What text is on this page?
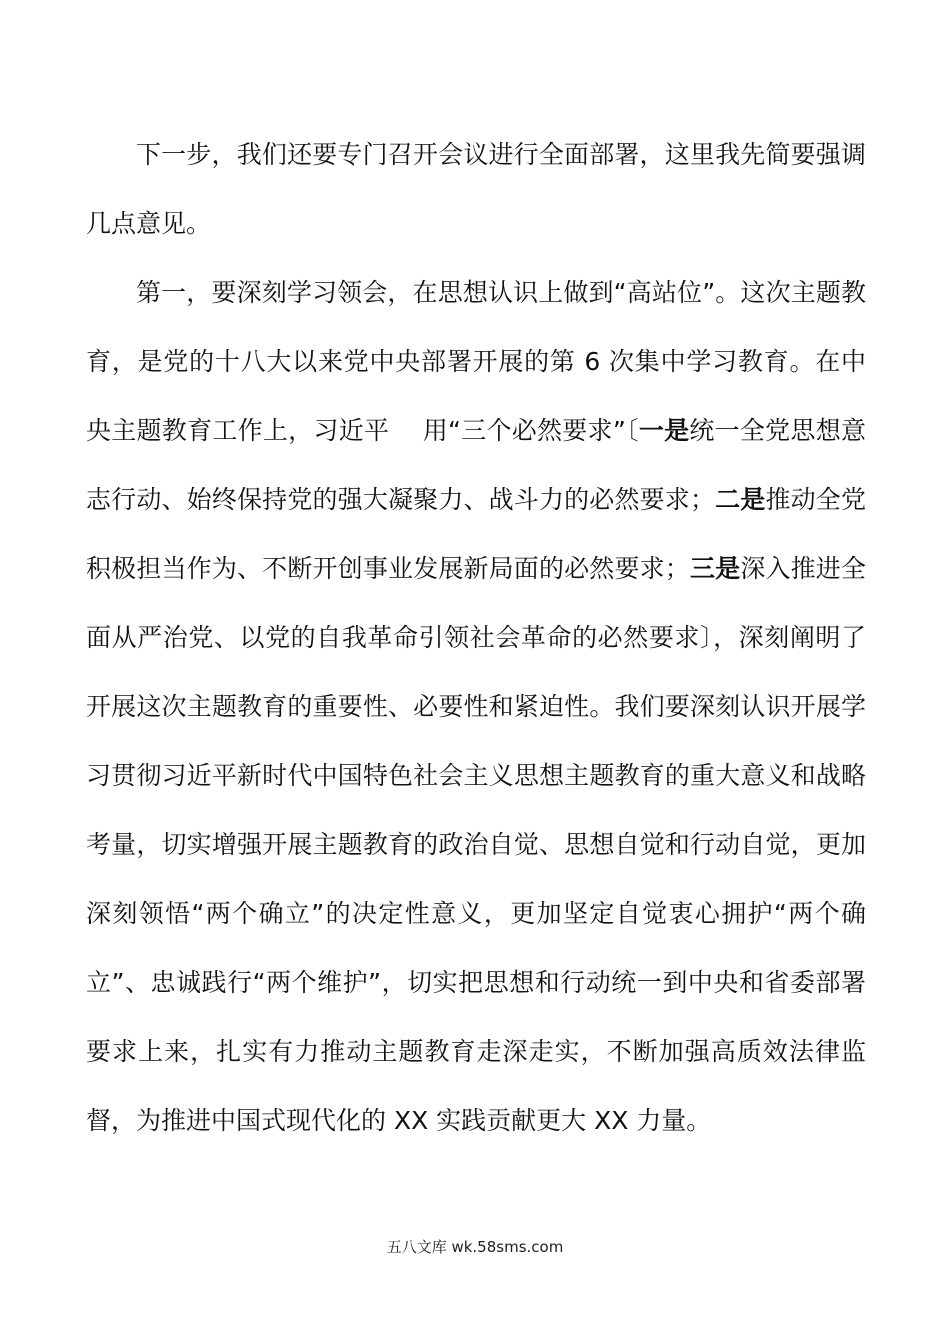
下一步，我们还要专门召开会议进行全面部署，这里我先简要强调几点意见。

第一，要深刻学习领会，在思想认识上做到“高站位”。这次主题教育，是党的十八大以来党中央部署开展的第 6 次集中学习教育。在中央主题教育工作上，习近平　 用“三个必然要求”〔一是统一全党思想意志行动、始终保持党的强大凝聚力、战斗力的必然要求；二是推动全党积极担当作为、不断开创事业发展新局面的必然要求；三是深入推进全面从严治党、以党的自我革命引领社会革命的必然要求〕，深刻阐明了开展这次主题教育的重要性、必要性和紧迫性。我们要深刻认识开展学习贯彻习近平新时代中国特色社会主义思想主题教育的重大意义和战略考量，切实增强开展主题教育的政治自觉、思想自觉和行动自觉，更加深刻领悟“两个确立”的决定性意义，更加坚定自觉衷心拥护“两个确立”、忠诚践行“两个维护”，切实把思想和行动统一到中央和省委部署要求上来，扎实有力推动主题教育走深走实，不断加强高质效法律监督，为推进中国式现代化的 XX 实践贡献更大 XX 力量。

五八文库 wk.58sms.com
